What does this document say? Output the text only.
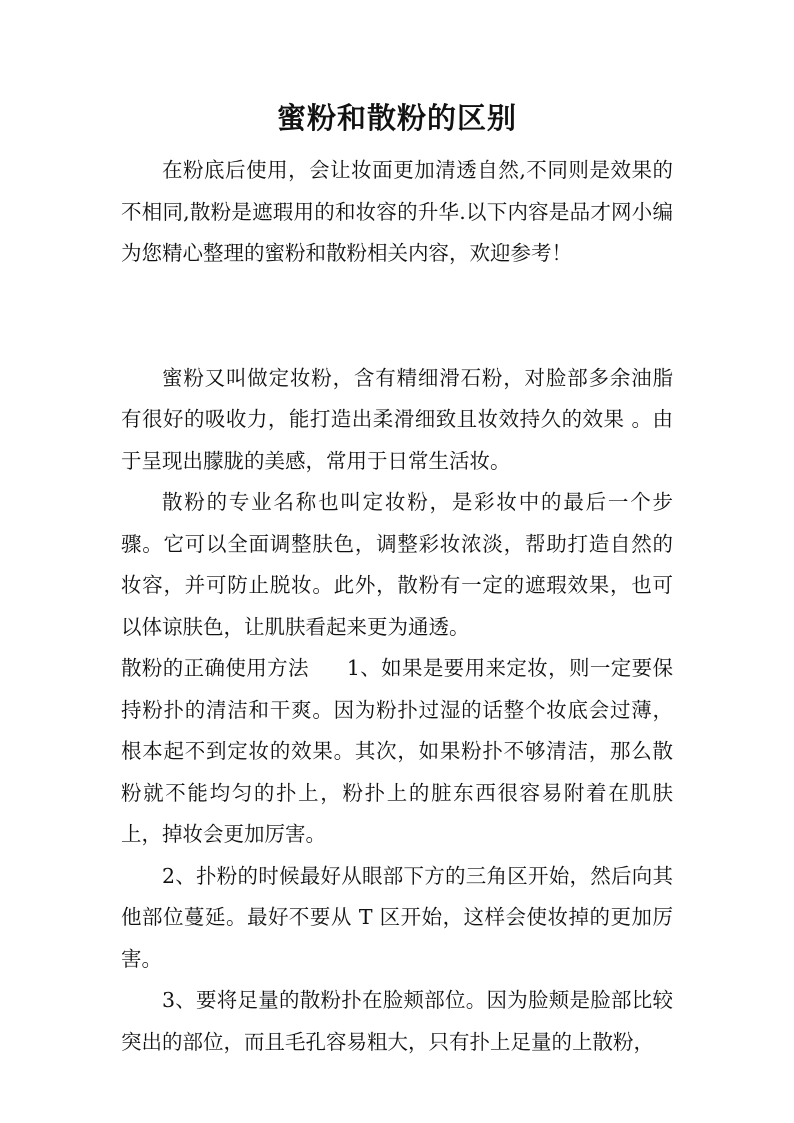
蜜粉和散粉的区别

在粉底后使用，会让妆面更加清透自然,不同则是效果的不相同,散粉是遮瑕用的和妆容的升华.以下内容是品才网小编为您精心整理的蜜粉和散粉相关内容，欢迎参考！

蜜粉又叫做定妆粉，含有精细滑石粉，对脸部多余油脂有很好的吸收力，能打造出柔滑细致且妆效持久的效果 。由于呈现出朦胧的美感，常用于日常生活妆。

散粉的专业名称也叫定妆粉，是彩妆中的最后一个步骤。它可以全面调整肤色，调整彩妆浓淡，帮助打造自然的妆容，并可防止脱妆。此外，散粉有一定的遮瑕效果，也可以体谅肤色，让肌肤看起来更为通透。

散粉的正确使用方法 1、如果是要用来定妆，则一定要保持粉扑的清洁和干爽。因为粉扑过湿的话整个妆底会过薄，根本起不到定妆的效果。其次，如果粉扑不够清洁，那么散粉就不能均匀的扑上，粉扑上的脏东西很容易附着在肌肤上，掉妆会更加厉害。

2、扑粉的时候最好从眼部下方的三角区开始，然后向其他部位蔓延。最好不要从 T 区开始，这样会使妆掉的更加厉害。

3、要将足量的散粉扑在脸颊部位。因为脸颊是脸部比较突出的部位，而且毛孔容易粗大，只有扑上足量的上散粉，
